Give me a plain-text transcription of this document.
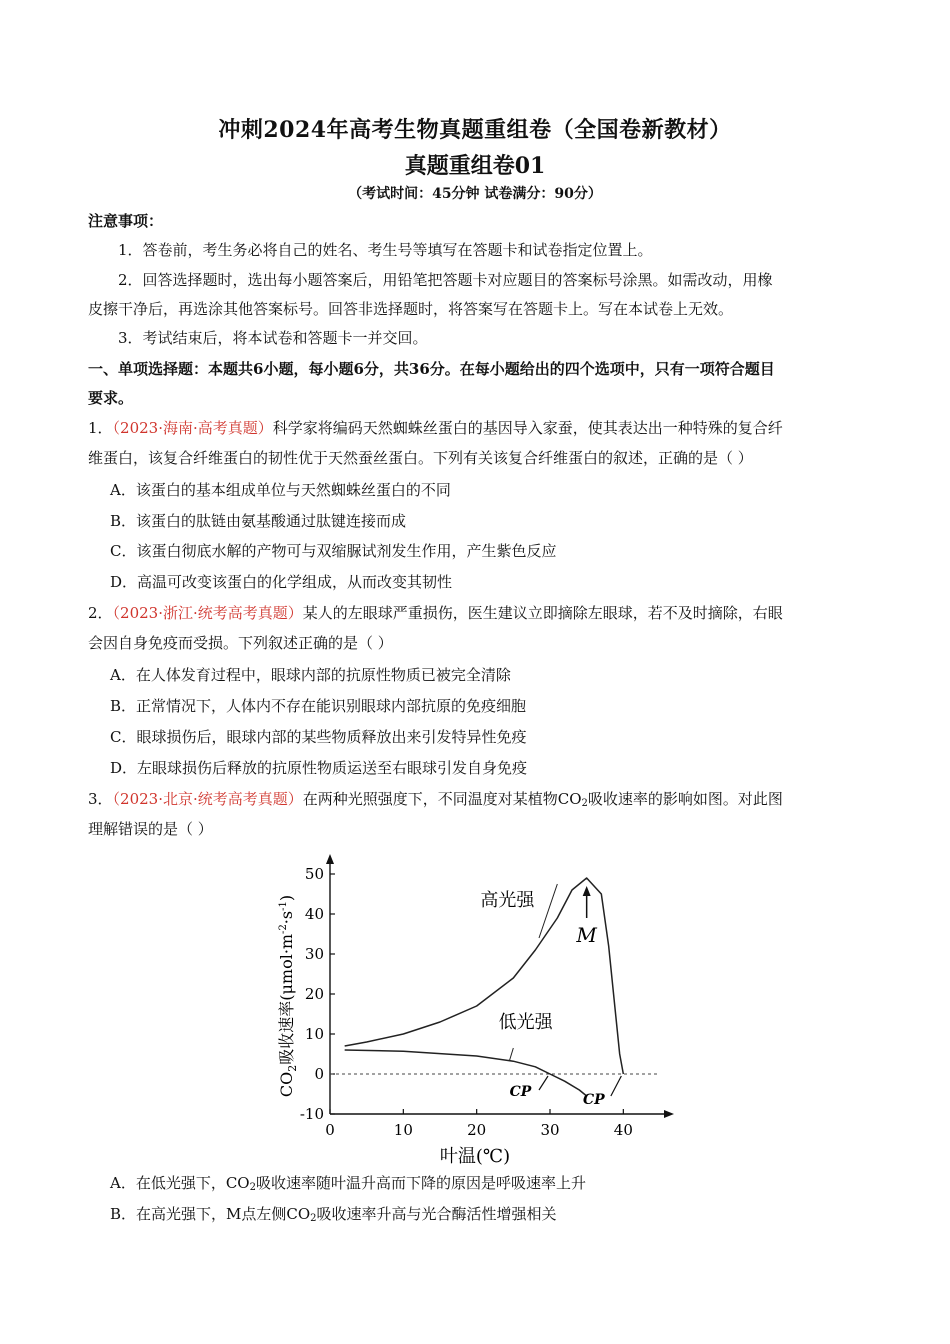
冲刺2024年高考生物真题重组卷（全国卷新教材）
真题重组卷01
（考试时间：45分钟 试卷满分：90分）
注意事项：
1．答卷前，考生务必将自己的姓名、考生号等填写在答题卡和试卷指定位置上。
2．回答选择题时，选出每小题答案后，用铅笔把答题卡对应题目的答案标号涂黑。如需改动，用橡
皮擦干净后，再选涂其他答案标号。回答非选择题时，将答案写在答题卡上。写在本试卷上无效。
3．考试结束后，将本试卷和答题卡一并交回。
一、单项选择题：本题共6小题，每小题6分，共36分。在每小题给出的四个选项中，只有一项符合题目
要求。
1．（2023·海南·高考真题）科学家将编码天然蜘蛛丝蛋白的基因导入家蚕，使其表达出一种特殊的复合纤
维蛋白，该复合纤维蛋白的韧性优于天然蚕丝蛋白。下列有关该复合纤维蛋白的叙述，正确的是（ ）
A．该蛋白的基本组成单位与天然蜘蛛丝蛋白的不同
B．该蛋白的肽链由氨基酸通过肽键连接而成
C．该蛋白彻底水解的产物可与双缩脲试剂发生作用，产生紫色反应
D．高温可改变该蛋白的化学组成，从而改变其韧性
2．（2023·浙江·统考高考真题）某人的左眼球严重损伤，医生建议立即摘除左眼球，若不及时摘除，右眼
会因自身免疫而受损。下列叙述正确的是（ ）
A．在人体发育过程中，眼球内部的抗原性物质已被完全清除
B．正常情况下，人体内不存在能识别眼球内部抗原的免疫细胞
C．眼球损伤后，眼球内部的某些物质释放出来引发特异性免疫
D．左眼球损伤后释放的抗原性物质运送至右眼球引发自身免疫
3．（2023·北京·统考高考真题）在两种光照强度下，不同温度对某植物$CO_2$吸收速率的影响如图。对此图
理解错误的是（ ）
0	10	20	30	40
-10
0
10
20
30
40
50
高光强
低光强
M
CP	CP
叶温(℃)
$CO_2$吸收速率$(\mu mol\cdot m^{-2}\cdot s^{-1})$
A．在低光强下，$CO_2$吸收速率随叶温升高而下降的原因是呼吸速率上升
B．在高光强下，M点左侧$CO_2$吸收速率升高与光合酶活性增强相关
